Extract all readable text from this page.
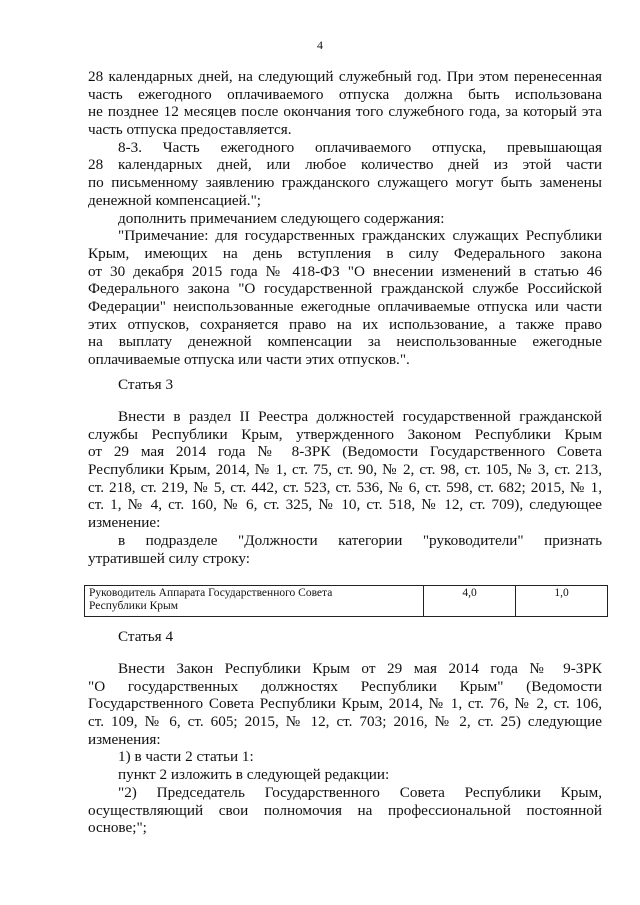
4
28 календарных дней, на следующий служебный год. При этом перенесенная
часть ежегодного оплачиваемого отпуска должна быть использована
не позднее 12 месяцев после окончания того служебного года, за который эта
часть отпуска предоставляется.
8-3. Часть ежегодного оплачиваемого отпуска, превышающая
28 календарных дней, или любое количество дней из этой части
по письменному заявлению гражданского служащего могут быть заменены
денежной компенсацией.";
дополнить примечанием следующего содержания:
"Примечание: для государственных гражданских служащих Республики
Крым, имеющих на день вступления в силу Федерального закона
от 30 декабря 2015 года № 418-ФЗ "О внесении изменений в статью 46
Федерального закона "О государственной гражданской службе Российской
Федерации" неиспользованные ежегодные оплачиваемые отпуска или части
этих отпусков, сохраняется право на их использование, а также право
на выплату денежной компенсации за неиспользованные ежегодные
оплачиваемые отпуска или части этих отпусков.".
Статья 3
Внести в раздел II Реестра должностей государственной гражданской
службы Республики Крым, утвержденного Законом Республики Крым
от 29 мая 2014 года № 8-ЗРК (Ведомости Государственного Совета
Республики Крым, 2014, № 1, ст. 75, ст. 90, № 2, ст. 98, ст. 105, № 3, ст. 213,
ст. 218, ст. 219, № 5, ст. 442, ст. 523, ст. 536, № 6, ст. 598, ст. 682; 2015, № 1,
ст. 1, № 4, ст. 160, № 6, ст. 325, № 10, ст. 518, № 12, ст. 709), следующее
изменение:
в подразделе "Должности категории "руководители" признать
утратившей силу строку:
Руководитель Аппарата Государственного Совета
Республики Крым	4,0	1,0
Статья 4
Внести Закон Республики Крым от 29 мая 2014 года № 9-ЗРК
"О государственных должностях Республики Крым" (Ведомости
Государственного Совета Республики Крым, 2014, № 1, ст. 76, № 2, ст. 106,
ст. 109, № 6, ст. 605; 2015, № 12, ст. 703; 2016, № 2, ст. 25) следующие
изменения:
1) в части 2 статьи 1:
пункт 2 изложить в следующей редакции:
"2) Председатель Государственного Совета Республики Крым,
осуществляющий свои полномочия на профессиональной постоянной
основе;";
